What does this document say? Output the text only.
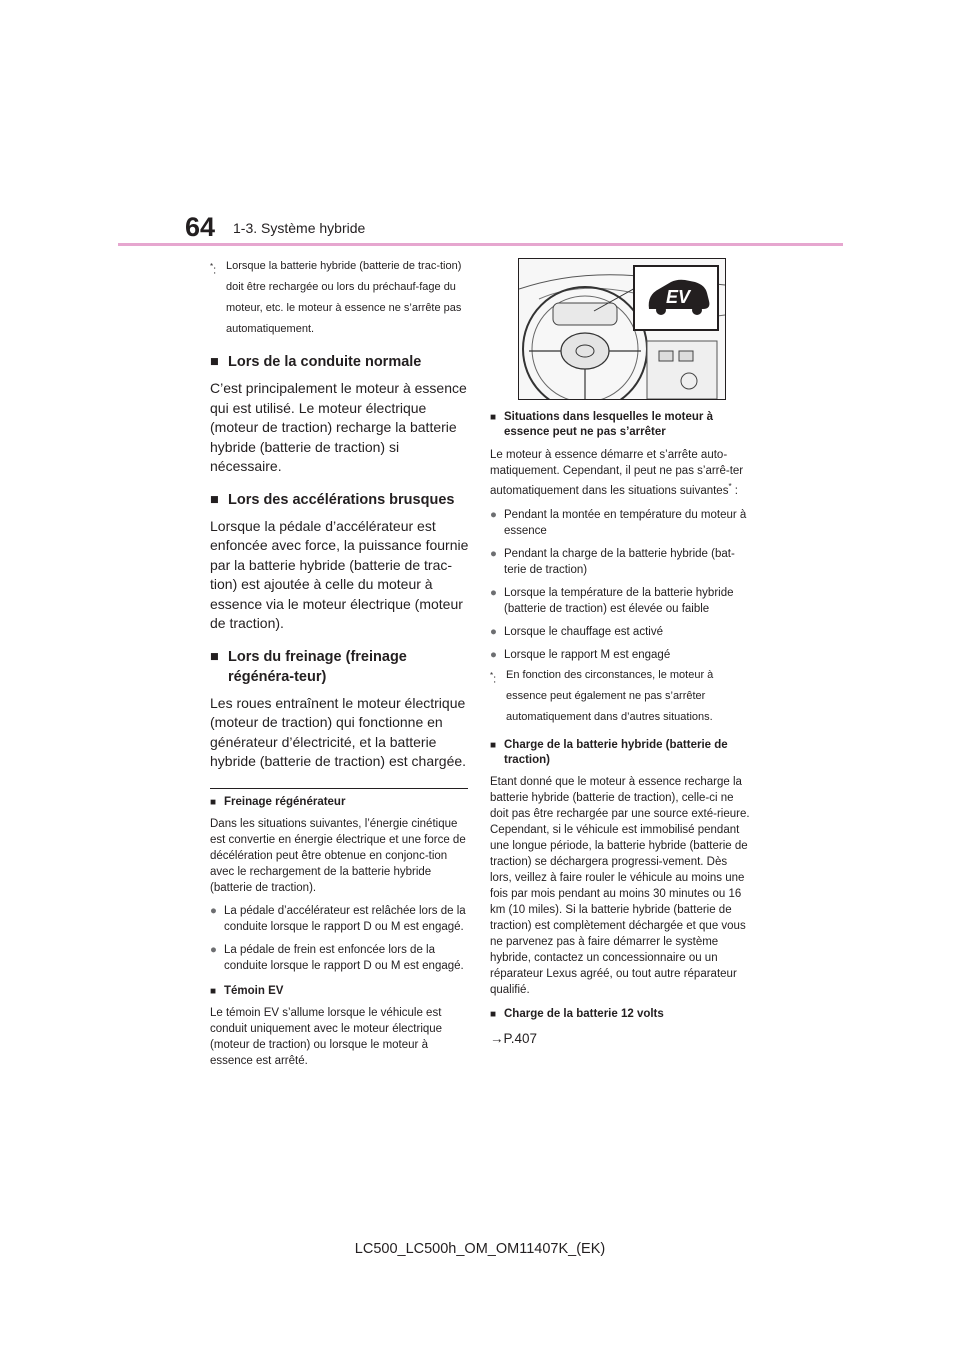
64 1-3. Système hybride

*: Lorsque la batterie hybride (batterie de trac-tion) doit être rechargée ou lors du préchauf-fage du moteur, etc. le moteur à essence ne s’arrête pas automatiquement.

■ Lors de la conduite normale

C’est principalement le moteur à essence qui est utilisé. Le moteur électrique (moteur de traction) recharge la batterie hybride (batterie de traction) si nécessaire.

■ Lors des accélérations brusques

Lorsque la pédale d’accélérateur est enfoncée avec force, la puissance fournie par la batterie hybride (batterie de trac-tion) est ajoutée à celle du moteur à essence via le moteur électrique (moteur de traction).

■ Lors du freinage (freinage régénéra-teur)

Les roues entraînent le moteur électrique (moteur de traction) qui fonctionne en générateur d’électricité, et la batterie hybride (batterie de traction) est chargée.

■ Freinage régénérateur

Dans les situations suivantes, l’énergie cinétique est convertie en énergie électrique et une force de décélération peut être obtenue en conjonc-tion avec le rechargement de la batterie hybride (batterie de traction).

● La pédale d’accélérateur est relâchée lors de la conduite lorsque le rapport D ou M est engagé.
● La pédale de frein est enfoncée lors de la conduite lorsque le rapport D ou M est engagé.
■ Témoin EV

Le témoin EV s’allume lorsque le véhicule est conduit uniquement avec le moteur électrique (moteur de traction) ou lorsque le moteur à essence est arrêté.

EV
■ Situations dans lesquelles le moteur à essence peut ne pas s’arrêter

Le moteur à essence démarre et s’arrête auto-matiquement. Cependant, il peut ne pas s’arrê-ter automatiquement dans les situations suivantes* :

● Pendant la montée en température du moteur à essence
● Pendant la charge de la batterie hybride (bat-terie de traction)
● Lorsque la température de la batterie hybride (batterie de traction) est élevée ou faible
● Lorsque le chauffage est activé
● Lorsque le rapport M est engagé

*: En fonction des circonstances, le moteur à essence peut également ne pas s’arrêter automatiquement dans d’autres situations.

■ Charge de la batterie hybride (batterie de traction)

Etant donné que le moteur à essence recharge la batterie hybride (batterie de traction), celle-ci ne doit pas être rechargée par une source exté-rieure. Cependant, si le véhicule est immobilisé pendant une longue période, la batterie hybride (batterie de traction) se déchargera progressi-vement. Dès lors, veillez à faire rouler le véhicule au moins une fois par mois pendant au moins 30 minutes ou 16 km (10 miles). Si la batterie hybride (batterie de traction) est complètement déchargée et que vous ne parvenez pas à faire démarrer le système hybride, contactez un concessionnaire ou un réparateur Lexus agréé, ou tout autre réparateur qualifié.

■ Charge de la batterie 12 volts

→P.407

LC500_LC500h_OM_OM11407K_(EK)
